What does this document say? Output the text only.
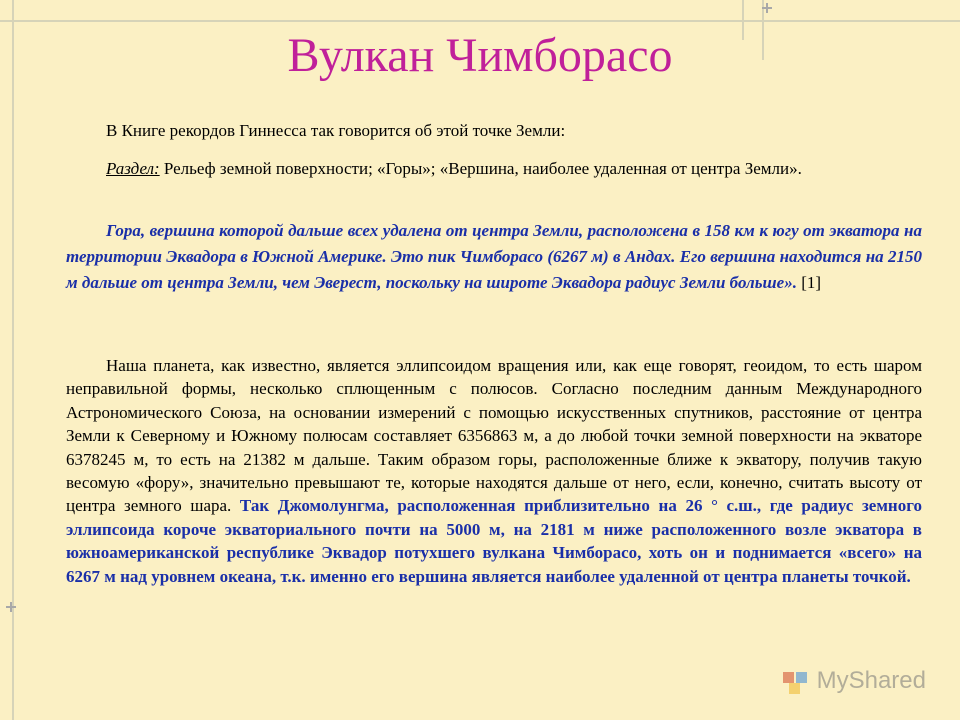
Вулкан Чимборасо
В Книге рекордов Гиннесса так говорится об этой точке Земли:
Раздел: Рельеф земной поверхности; «Горы»; «Вершина, наиболее удаленная от центра Земли».
Гора, вершина которой дальше всех удалена от центра Земли, расположена в 158 км к югу от экватора на территории Эквадора в Южной Америке. Это пик Чимборасо (6267 м) в Андах. Его вершина находится на 2150 м дальше от центра Земли, чем Эверест, поскольку на широте Эквадора радиус Земли больше». [1]
Наша планета, как известно, является эллипсоидом вращения или, как еще говорят, геоидом, то есть шаром неправильной формы, несколько сплющенным с полюсов. Согласно последним данным Международного Астрономического Союза, на основании измерений с помощью искусственных спутников, расстояние от центра Земли к Северному и Южному полюсам составляет 6356863 м, а до любой точки земной поверхности на экваторе 6378245 м, то есть на 21382 м дальше. Таким образом горы, расположенные ближе к экватору, получив такую весомую «фору», значительно превышают те, которые находятся дальше от него, если, конечно, считать высоту от центра земного шара. Так Джомолунгма, расположенная приблизительно на 26 ° с.ш., где радиус земного эллипсоида короче экваториального почти на 5000 м, на 2181 м ниже расположенного возле экватора в южноамериканской республике Эквадор потухшего вулкана Чимборасо, хоть он и поднимается «всего» на 6267 м над уровнем океана, т.к. именно его вершина является наиболее удаленной от центра планеты точкой.
MyShared
